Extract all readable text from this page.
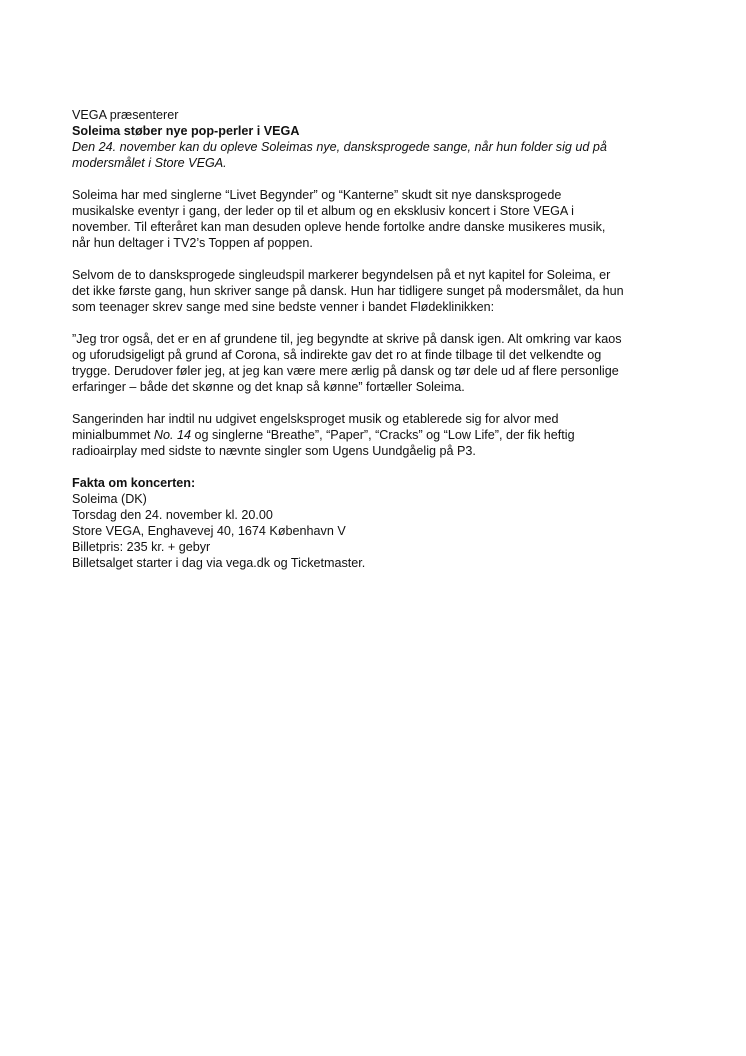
VEGA præsenterer

Soleima støber nye pop-perler i VEGA

Den 24. november kan du opleve Soleimas nye, dansksprogede sange, når hun folder sig ud på
modersmålet i Store VEGA.

Soleima har med singlerne “Livet Begynder” og “Kanterne” skudt sit nye dansksprogede
musikalske eventyr i gang, der leder op til et album og en eksklusiv koncert i Store VEGA i
november. Til efteråret kan man desuden opleve hende fortolke andre danske musikeres musik,
når hun deltager i TV2’s Toppen af poppen.

Selvom de to dansksprogede singleudspil markerer begyndelsen på et nyt kapitel for Soleima, er
det ikke første gang, hun skriver sange på dansk. Hun har tidligere sunget på modersmålet, da hun
som teenager skrev sange med sine bedste venner i bandet Flødeklinikken:

”Jeg tror også, det er en af grundene til, jeg begyndte at skrive på dansk igen. Alt omkring var kaos
og uforudsigeligt på grund af Corona, så indirekte gav det ro at finde tilbage til det velkendte og
trygge. Derudover føler jeg, at jeg kan være mere ærlig på dansk og tør dele ud af flere personlige
erfaringer – både det skønne og det knap så kønne” fortæller Soleima.

Sangerinden har indtil nu udgivet engelsksproget musik og etablerede sig for alvor med
minialbummet No. 14 og singlerne “Breathe”, “Paper”, “Cracks” og “Low Life”, der fik heftig
radioairplay med sidste to nævnte singler som Ugens Uundgåelig på P3.

Fakta om koncerten:

Soleima (DK)

Torsdag den 24. november kl. 20.00

Store VEGA, Enghavevej 40, 1674 København V

Billetpris: 235 kr. + gebyr

Billetsalget starter i dag via vega.dk og Ticketmaster.
